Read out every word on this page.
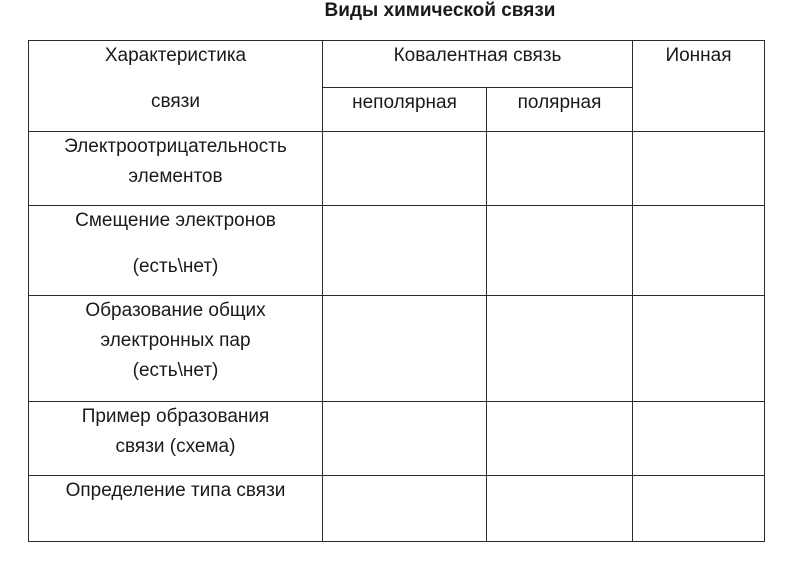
Виды химической связи
Характеристика
связи	Ковалентная связь		Ионная
	неполярная	полярная	

Электроотрицательность
элементов			

Смещение электронов
(есть\нет)			

Образование общих
электронных пар
(есть\нет)			

Пример образования
связи (схема)			

Определение типа связи			
